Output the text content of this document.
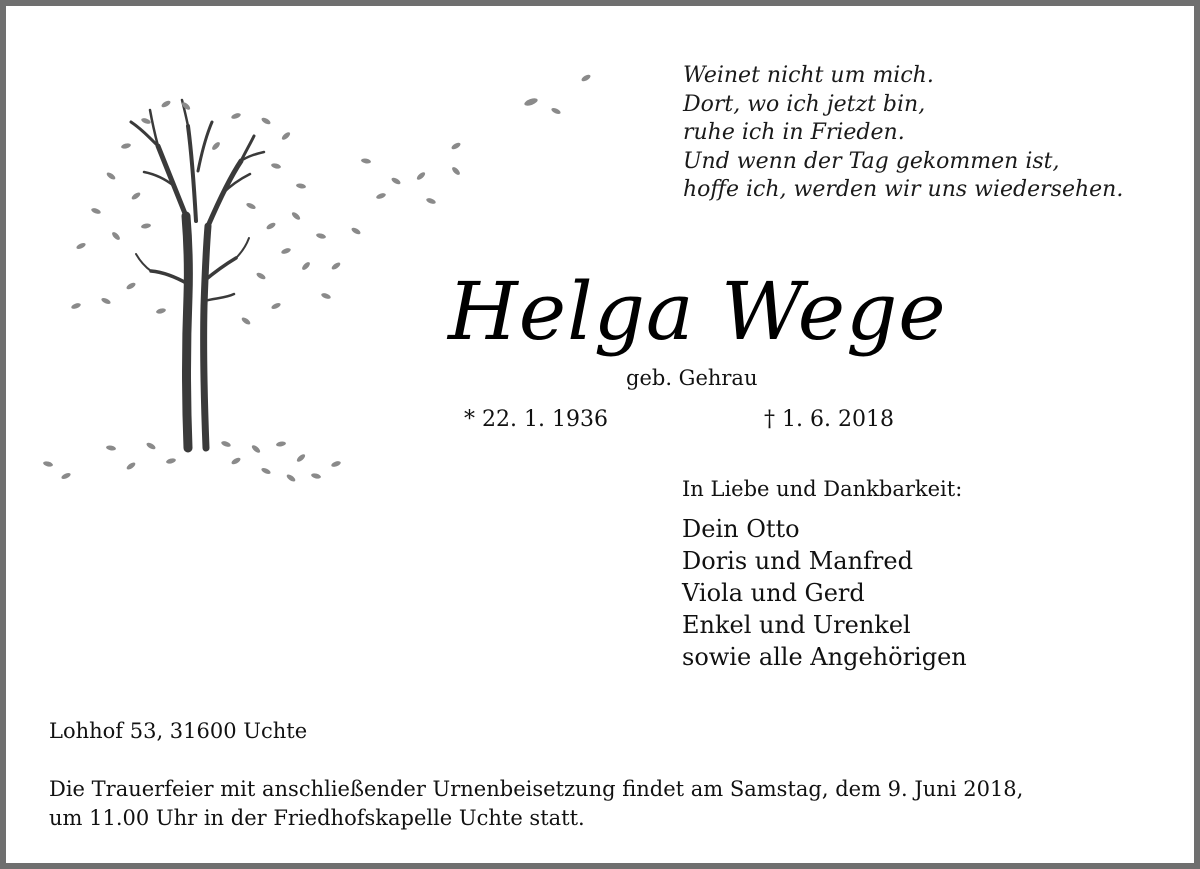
Weinet nicht um mich.
Dort, wo ich jetzt bin,
ruhe ich in Frieden.
Und wenn der Tag gekommen ist,
hoffe ich, werden wir uns wiedersehen.
Helga Wege
geb. Gehrau
* 22. 1. 1936	† 1. 6. 2018
In Liebe und Dankbarkeit:
Dein Otto
Doris und Manfred
Viola und Gerd
Enkel und Urenkel
sowie alle Angehörigen
Lohhof 53, 31600 Uchte
Die Trauerfeier mit anschließender Urnenbeisetzung findet am Samstag, dem 9. Juni 2018,
um 11.00 Uhr in der Friedhofskapelle Uchte statt.
